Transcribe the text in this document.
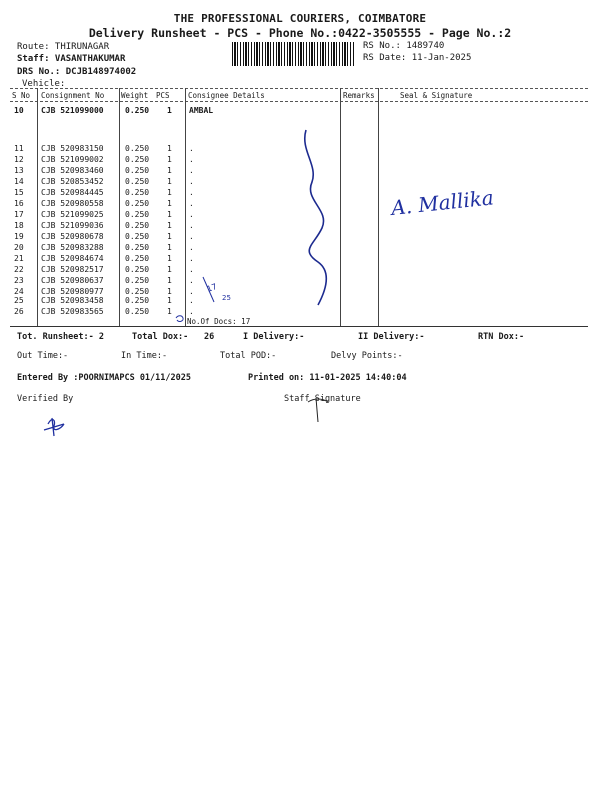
THE PROFESSIONAL COURIERS, COIMBATORE
Delivery Runsheet - PCS - Phone No.:0422-3505555 - Page No.:2
Route: THIRUNAGAR
Staff: VASANTHAKUMAR
DRS No.: DCJB148974002
Vehicle:
RS No.: 1489740
RS Date: 11-Jan-2025
S No Consignment No Weight PCS Consignee Details	Remarks	Seal & Signature
10 CJB 521099000	0.250 1 AMBAL
11 CJB 520983150	0.250 1 .
12 CJB 521099002	0.250 1 .
13 CJB 520983460	0.250 1 .
14 CJB 520853452	0.250 1 .
15 CJB 520984445	0.250 1 .
16 CJB 520980558	0.250 1 .
17 CJB 521099025	0.250 1 .
18 CJB 521099036	0.250 1 .
19 CJB 520980678	0.250 1 .
20 CJB 520983288	0.250 1 .
21 CJB 520984674	0.250 1 .
22 CJB 520982517	0.250 1 .
23 CJB 520980637	0.250 1 .
24 CJB 520980977	0.250 1 .
25 CJB 520983458	0.250 1 .
26 CJB 520983565	0.250 1 .
No.Of Docs: 17
Tot. Runsheet:- 2	Total Dox:- 26	I Delivery:-	II Delivery:-	RTN Dox:-
Out Time:-	In Time:-	Total POD:-	Delvy Points:-
Entered By :POORNIMAPCS 01/11/2025	Printed on: 11-01-2025 14:40:04
Verified By	Staff Signature
A. Mallika
17
25
